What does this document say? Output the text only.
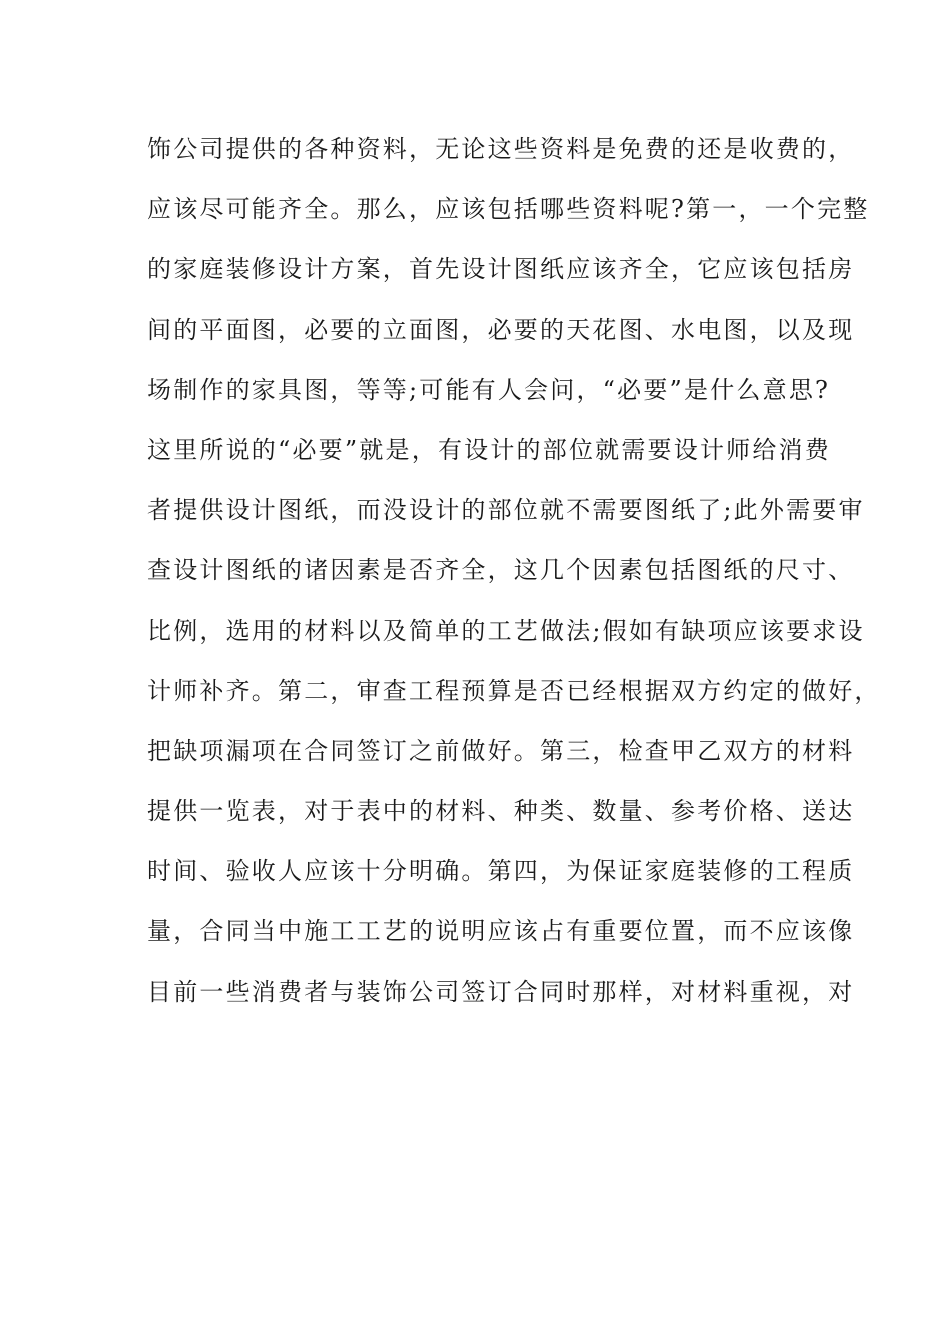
饰公司提供的各种资料，无论这些资料是免费的还是收费的，
应该尽可能齐全。那么，应该包括哪些资料呢?第一，一个完整
的家庭装修设计方案，首先设计图纸应该齐全，它应该包括房
间的平面图，必要的立面图，必要的天花图、水电图，以及现
场制作的家具图，等等;可能有人会问，“必要”是什么意思?
这里所说的“必要”就是，有设计的部位就需要设计师给消费
者提供设计图纸，而没设计的部位就不需要图纸了;此外需要审
查设计图纸的诸因素是否齐全，这几个因素包括图纸的尺寸、
比例，选用的材料以及简单的工艺做法;假如有缺项应该要求设
计师补齐。第二，审查工程预算是否已经根据双方约定的做好，
把缺项漏项在合同签订之前做好。第三，检查甲乙双方的材料
提供一览表，对于表中的材料、种类、数量、参考价格、送达
时间、验收人应该十分明确。第四，为保证家庭装修的工程质
量，合同当中施工工艺的说明应该占有重要位置，而不应该像
目前一些消费者与装饰公司签订合同时那样，对材料重视，对
